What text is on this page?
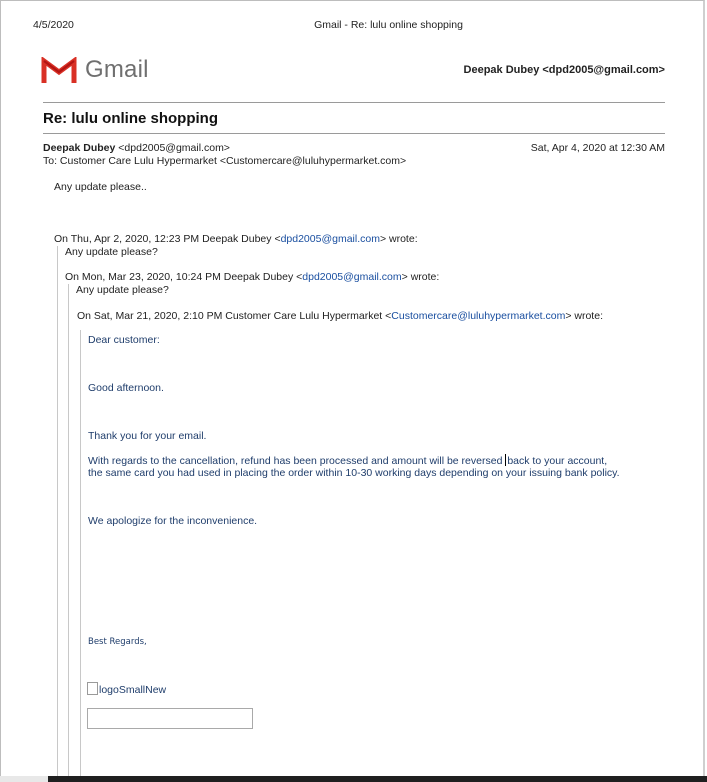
4/5/2020	Gmail - Re: lulu online shopping
Gmail	Deepak Dubey <dpd2005@gmail.com>
Re: lulu online shopping
Deepak Dubey <dpd2005@gmail.com>
To: Customer Care Lulu Hypermarket <Customercare@luluhypermarket.com>
Sat, Apr 4, 2020 at 12:30 AM
Any update please..
On Thu, Apr 2, 2020, 12:23 PM Deepak Dubey <dpd2005@gmail.com> wrote:
Any update please?
On Mon, Mar 23, 2020, 10:24 PM Deepak Dubey <dpd2005@gmail.com> wrote:
Any update please?
On Sat, Mar 21, 2020, 2:10 PM Customer Care Lulu Hypermarket <Customercare@luluhypermarket.com> wrote:
Dear customer:
Good afternoon.
Thank you for your email.
With regards to the cancellation, refund has been processed and amount will be reversed back to your account,
the same card you had used in placing the order within 10-30 working days depending on your issuing bank policy.
We apologize for the inconvenience.
Best Regards,
logoSmallNew
